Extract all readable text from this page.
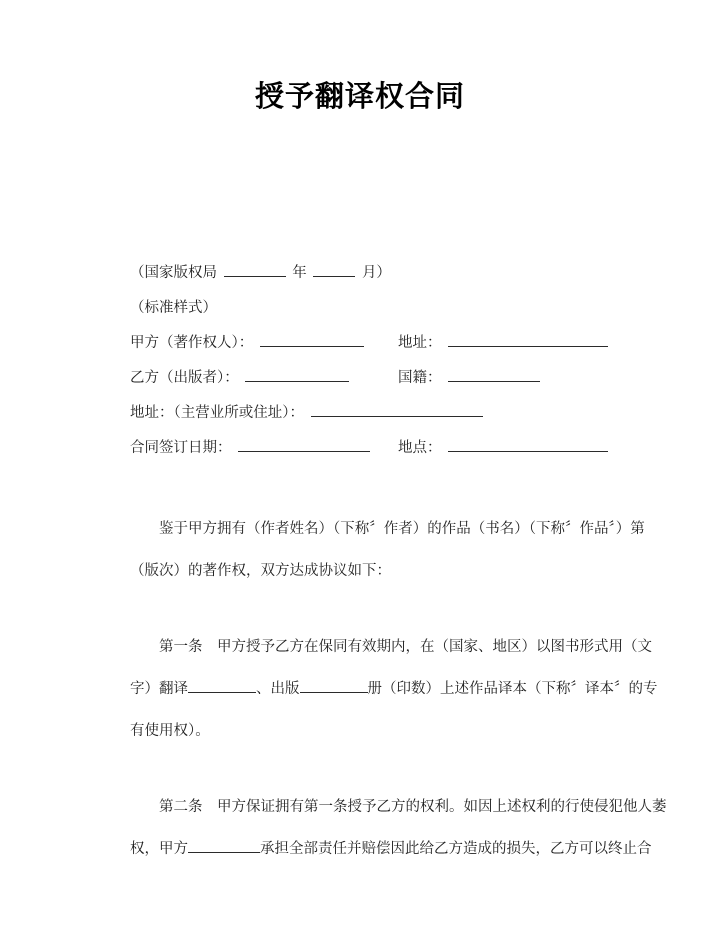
授予翻译权合同
（国家版权局	年	月）
（标准样式）
甲方（著作权人）：	地址：
乙方（出版者）：	国籍：
地址：（主营业所或住址）：
合同签订日期：	地点：
鉴于甲方拥有（作者姓名）（下称〞作者）的作品（书名）（下称〞作品〞）第
（版次）的著作权，双方达成协议如下：
第一条　甲方授予乙方在保同有效期内，在（国家、地区）以图书形式用（文
字）翻译	、出版	册（印数）上述作品译本（下称〞译本〞的专
有使用权）。
第二条　甲方保证拥有第一条授予乙方的权利。如因上述权利的行使侵犯他人萎
权，甲方	承担全部责任并赔偿因此给乙方造成的损失，乙方可以终止合
